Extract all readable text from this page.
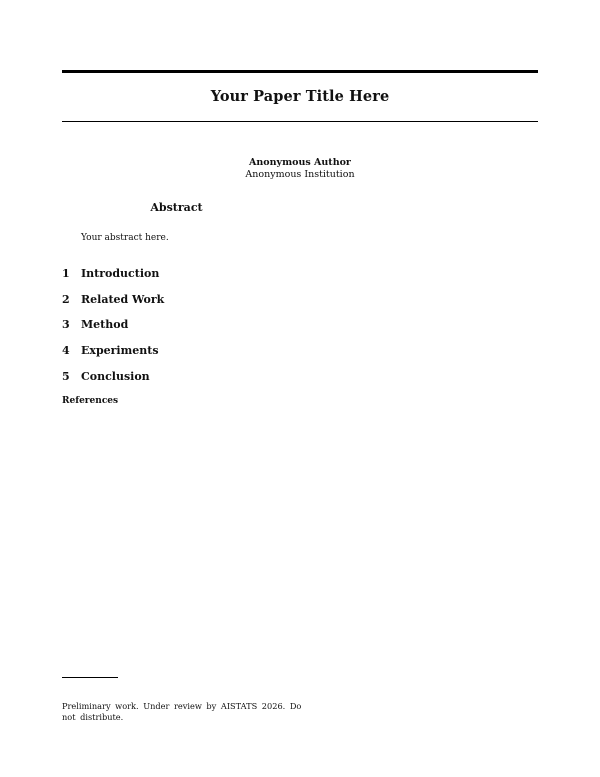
Your Paper Title Here
Anonymous Author
Anonymous Institution
Abstract
Your abstract here.
1	Introduction
2	Related Work
3	Method
4	Experiments
5	Conclusion
References
Preliminary work. Under review by AISTATS 2026. Do not distribute.
